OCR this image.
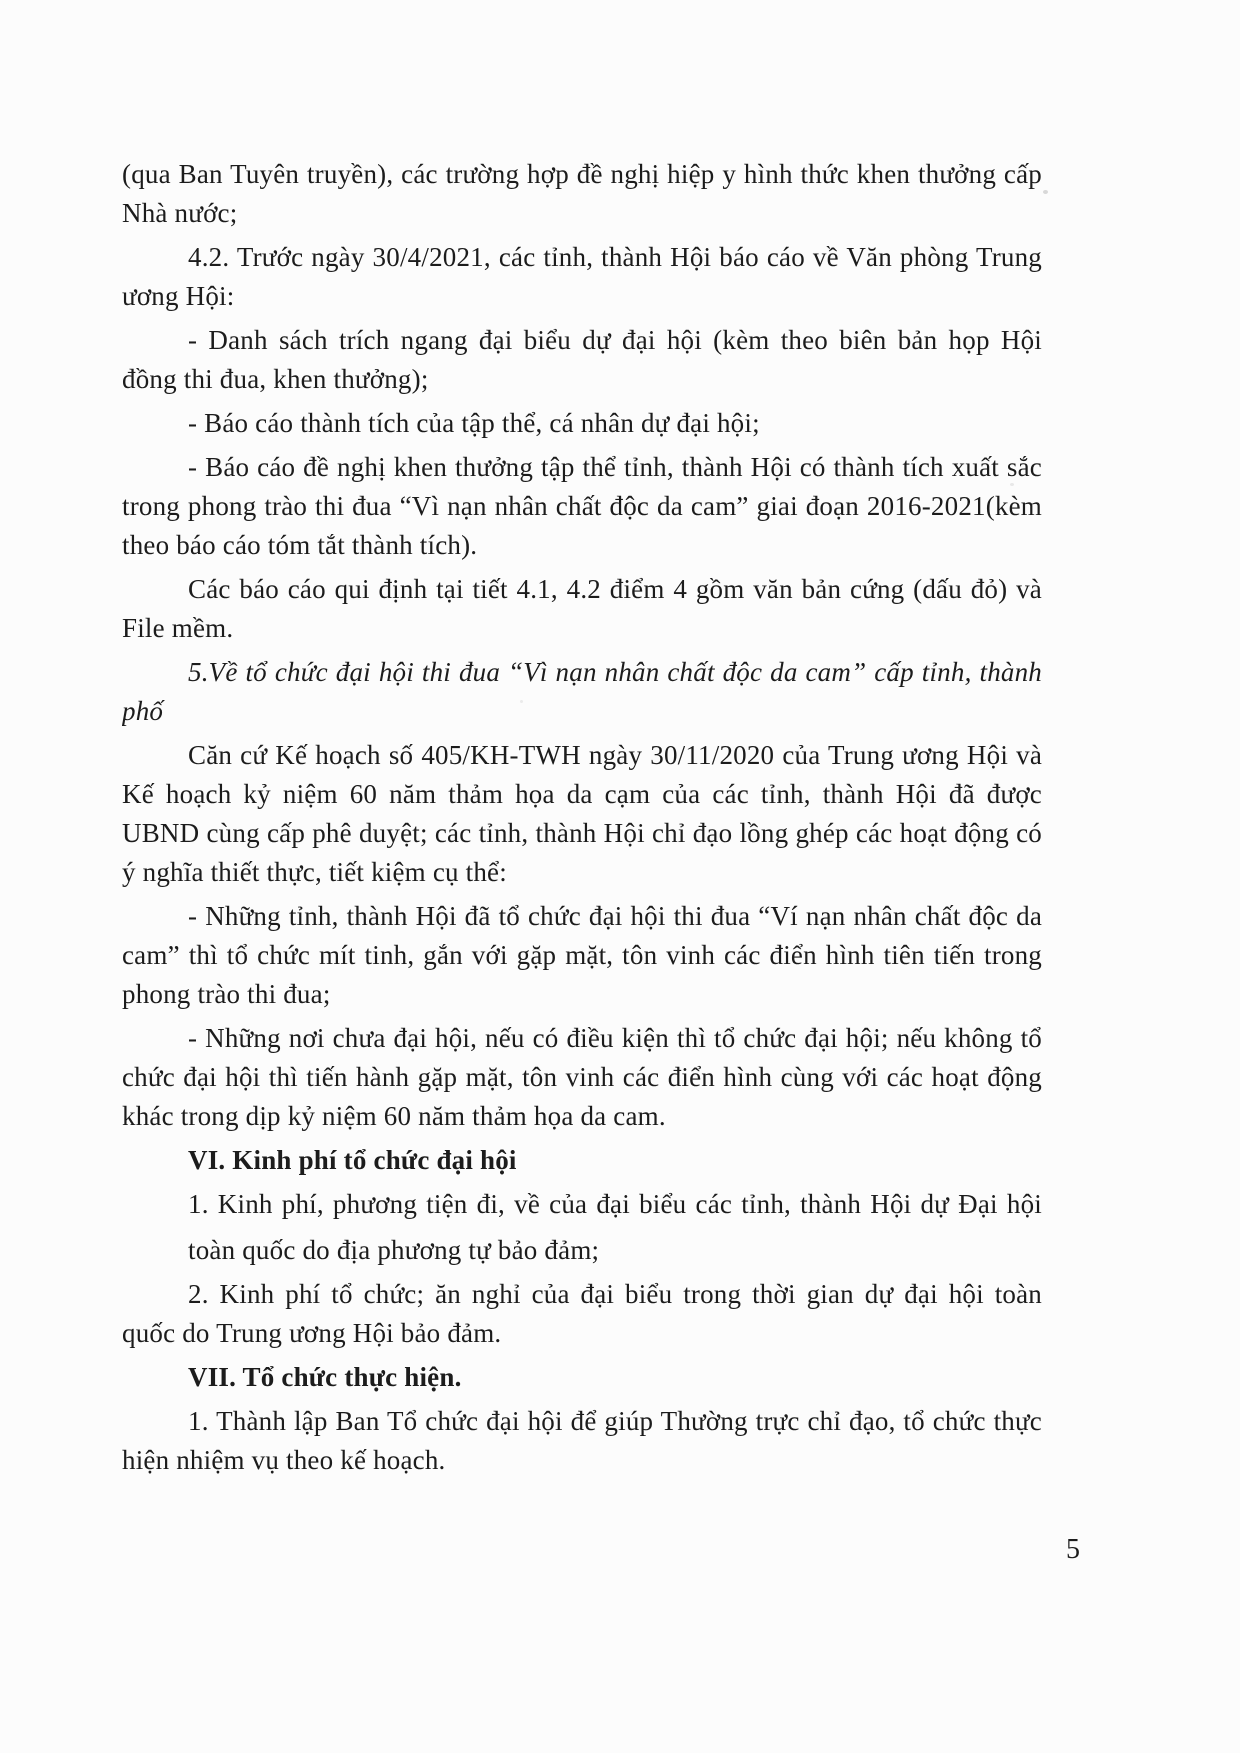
(qua Ban Tuyên truyền), các trường hợp đề nghị hiệp y hình thức khen thưởng cấp
Nhà nước;
4.2. Trước ngày 30/4/2021, các tỉnh, thành Hội báo cáo về Văn phòng Trung
ương Hội:
- Danh sách trích ngang đại biểu dự đại hội (kèm theo biên bản họp Hội
đồng thi đua, khen thưởng);
- Báo cáo thành tích của tập thể, cá nhân dự đại hội;
- Báo cáo đề nghị khen thưởng tập thể tỉnh, thành Hội có thành tích xuất sắc
trong phong trào thi đua “Vì nạn nhân chất độc da cam” giai đoạn 2016-2021(kèm
theo báo cáo tóm tắt thành tích).
Các báo cáo qui định tại tiết 4.1, 4.2 điểm 4 gồm văn bản cứng (dấu đỏ) và
File mềm.
5.Về tổ chức đại hội thi đua “Vì nạn nhân chất độc da cam” cấp tỉnh, thành
phố
Căn cứ Kế hoạch số 405/KH-TWH ngày 30/11/2020 của Trung ương Hội và
Kế hoạch kỷ niệm 60 năm thảm họa da cạm của các tỉnh, thành Hội đã được
UBND cùng cấp phê duyệt; các tỉnh, thành Hội chỉ đạo lồng ghép các hoạt động có
ý nghĩa thiết thực, tiết kiệm cụ thể:
- Những tỉnh, thành Hội đã tổ chức đại hội thi đua “Ví nạn nhân chất độc da
cam” thì tổ chức mít tinh, gắn với gặp mặt, tôn vinh các điển hình tiên tiến trong
phong trào thi đua;
- Những nơi chưa đại hội, nếu có điều kiện thì tổ chức đại hội; nếu không tổ
chức đại hội thì tiến hành gặp mặt, tôn vinh các điển hình cùng với các hoạt động
khác trong dịp kỷ niệm 60 năm thảm họa da cam.
VI. Kinh phí tổ chức đại hội
1. Kinh phí, phương tiện đi, về của đại biểu các tỉnh, thành Hội dự Đại hội
toàn quốc do địa phương tự bảo đảm;
2. Kinh phí tổ chức; ăn nghỉ của đại biểu trong thời gian dự đại hội toàn
quốc do Trung ương Hội bảo đảm.
VII. Tổ chức thực hiện.
1. Thành lập Ban Tổ chức đại hội để giúp Thường trực chỉ đạo, tổ chức thực
hiện nhiệm vụ theo kế hoạch.
5
